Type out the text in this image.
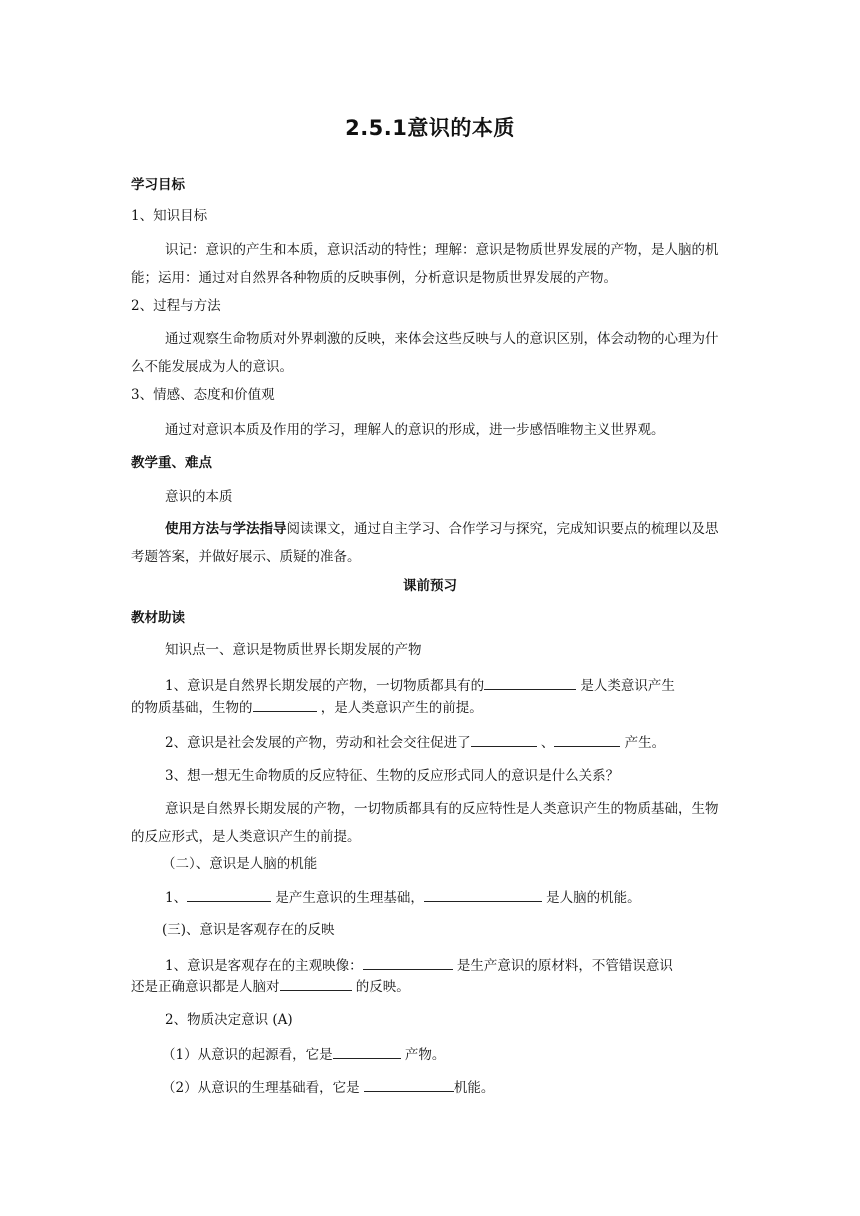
2.5.1意识的本质
学习目标
1、知识目标
识记：意识的产生和本质，意识活动的特性；理解：意识是物质世界发展的产物，是人脑的机能；运用：通过对自然界各种物质的反映事例，分析意识是物质世界发展的产物。
2、过程与方法
通过观察生命物质对外界刺激的反映，来体会这些反映与人的意识区别，体会动物的心理为什么不能发展成为人的意识。
3、情感、态度和价值观
通过对意识本质及作用的学习，理解人的意识的形成，进一步感悟唯物主义世界观。
教学重、难点
意识的本质
使用方法与学法指导阅读课文，通过自主学习、合作学习与探究，完成知识要点的梳理以及思考题答案，并做好展示、质疑的准备。
课前预习
教材助读
知识点一、意识是物质世界长期发展的产物
1、意识是自然界长期发展的产物，一切物质都具有的	是人类意识产生
的物质基础，生物的	，是人类意识产生的前提。
2、意识是社会发展的产物，劳动和社会交往促进了	、	产生。
3、想一想无生命物质的反应特征、生物的反应形式同人的意识是什么关系？
意识是自然界长期发展的产物，一切物质都具有的反应特性是人类意识产生的物质基础，生物的反应形式，是人类意识产生的前提。
（二）、意识是人脑的机能
1、	是产生意识的生理基础，	是人脑的机能。
(三)、意识是客观存在的反映
1、意识是客观存在的主观映像：	是生产意识的原材料，不管错误意识
还是正确意识都是人脑对	的反映。
2、物质决定意识 (A)
（1）从意识的起源看，它是	产物。
（2）从意识的生理基础看，它是	机能。
